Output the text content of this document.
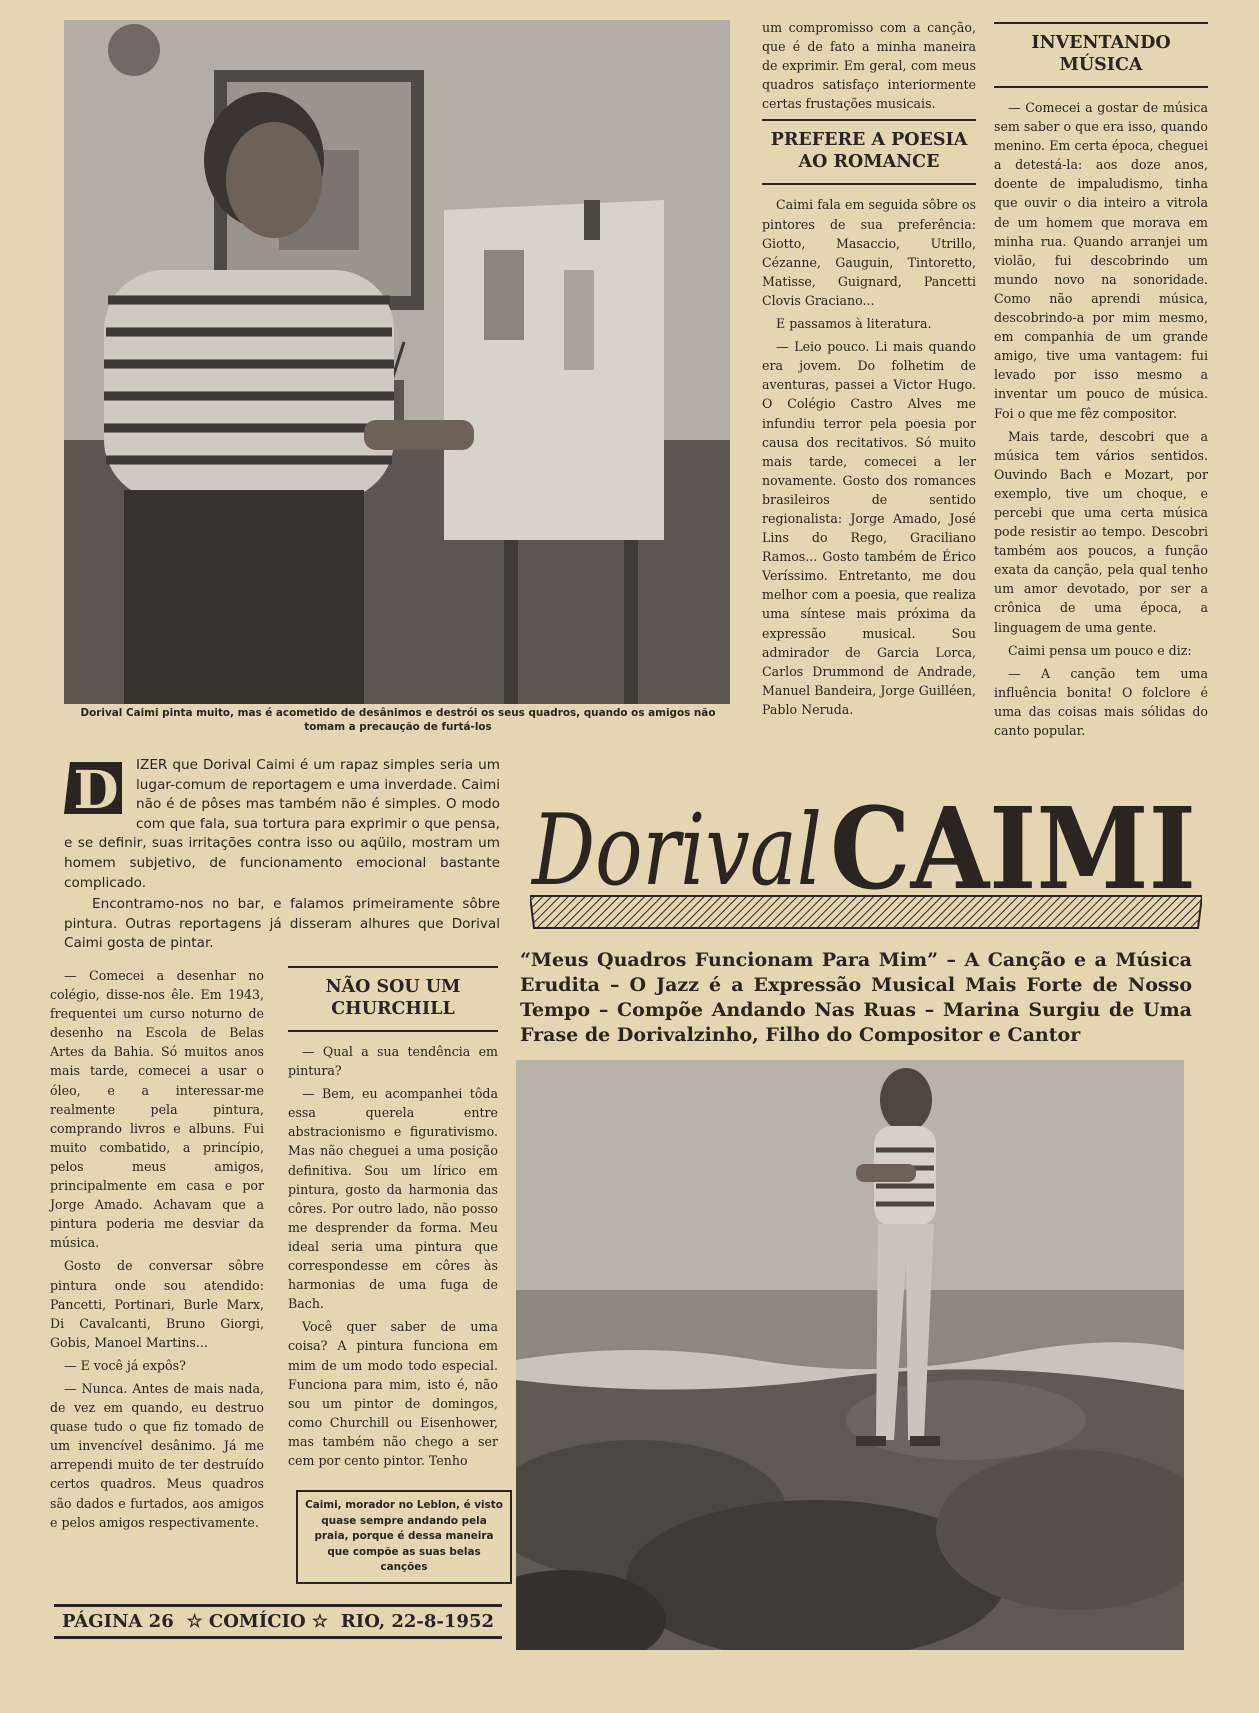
Dorival Caimi pinta muito, mas é acometido de desânimos e destrói os seus quadros, quando os amigos não tomam a precaução de furtá-los

um compromisso com a canção, que é de fato a minha maneira de exprimir. Em geral, com meus quadros satisfaço interiormente certas frustações musicais.

PREFERE A POESIA AO ROMANCE

Caimi fala em seguida sôbre os pintores de sua preferência: Giotto, Masaccio, Utrillo, Cézanne, Gauguin, Tintoretto, Matisse, Guignard, Pancetti Clovis Graciano...

E passamos à literatura.

— Leio pouco. Li mais quando era jovem. Do folhetim de aventuras, passei a Victor Hugo. O Colégio Castro Alves me infundiu terror pela poesia por causa dos recitativos. Só muito mais tarde, comecei a ler novamente. Gosto dos romances brasileiros de sentido regionalista: Jorge Amado, José Lins do Rego, Graciliano Ramos... Gosto também de Érico Veríssimo. Entretanto, me dou melhor com a poesia, que realiza uma síntese mais próxima da expressão musical. Sou admirador de Garcia Lorca, Carlos Drummond de Andrade, Manuel Bandeira, Jorge Guilléen, Pablo Neruda.

INVENTANDO MÚSICA

— Comecei a gostar de música sem saber o que era isso, quando menino. Em certa época, cheguei a detestá-la: aos doze anos, doente de impaludismo, tinha que ouvir o dia inteiro a vitrola de um homem que morava em minha rua. Quando arranjei um violão, fui descobrindo um mundo novo na sonoridade. Como não aprendi música, descobrindo-a por mim mesmo, em companhia de um grande amigo, tive uma vantagem: fui levado por isso mesmo a inventar um pouco de música. Foi o que me fêz compositor.

Mais tarde, descobri que a música tem vários sentidos. Ouvindo Bach e Mozart, por exemplo, tive um choque, e percebi que uma certa música pode resistir ao tempo. Descobri também aos poucos, a função exata da canção, pela qual tenho um amor devotado, por ser a crônica de uma época, a linguagem de uma gente.

Caimi pensa um pouco e diz:

— A canção tem uma influência bonita! O folclore é uma das coisas mais sólidas do canto popular.

D	IZER que Dorival Caimi é um rapaz simples seria um lugar-comum de reportagem e uma inverdade. Caimi não é de pôses mas também não é simples. O modo com que fala, sua tortura para exprimir o que pensa, e se definir, suas irritações contra isso ou aqüilo, mostram um homem subjetivo, de funcionamento emocional bastante complicado.

Encontramo-nos no bar, e falamos primeiramente sôbre pintura. Outras reportagens já disseram alhures que Dorival Caimi gosta de pintar.

Dorival CAIMI
“Meus Quadros Funcionam Para Mim” – A Canção e a Música Erudita – O Jazz é a Expressão Musical Mais Forte de Nosso Tempo – Compõe Andando Nas Ruas – Marina Surgiu de Uma Frase de Dorivalzinho, Filho do Compositor e Cantor

— Comecei a desenhar no colégio, disse-nos êle. Em 1943, frequentei um curso noturno de desenho na Escola de Belas Artes da Bahia. Só muitos anos mais tarde, comecei a usar o óleo, e a interessar-me realmente pela pintura, comprando livros e albuns. Fui muito combatido, a princípio, pelos meus amigos, principalmente em casa e por Jorge Amado. Achavam que a pintura poderia me desviar da música.

Gosto de conversar sôbre pintura onde sou atendido: Pancetti, Portinari, Burle Marx, Di Cavalcanti, Bruno Giorgi, Gobis, Manoel Martins...

— E você já expôs?

— Nunca. Antes de mais nada, de vez em quando, eu destruo quase tudo o que fiz tomado de um invencível desânimo. Já me arrependi muito de ter destruído certos quadros. Meus quadros são dados e furtados, aos amigos e pelos amigos respectivamente.

NÃO SOU UM CHURCHILL

— Qual a sua tendência em pintura?

— Bem, eu acompanhei tôda essa querela entre abstracionismo e figurativismo. Mas não cheguei a uma posição definitiva. Sou um lírico em pintura, gosto da harmonia das côres. Por outro lado, não posso me desprender da forma. Meu ideal seria uma pintura que correspondesse em côres às harmonias de uma fuga de Bach.

Você quer saber de uma coisa? A pintura funciona em mim de um modo todo especial. Funciona para mim, isto é, não sou um pintor de domingos, como Churchill ou Eisenhower, mas também não chego a ser cem por cento pintor. Tenho

Caimi, morador no Leblon, é visto quase sempre andando pela praia, porque é dessa maneira que compõe as suas belas canções
PÁGINA 26 ☆ COMÍCIO ☆ RIO, 22-8-1952
